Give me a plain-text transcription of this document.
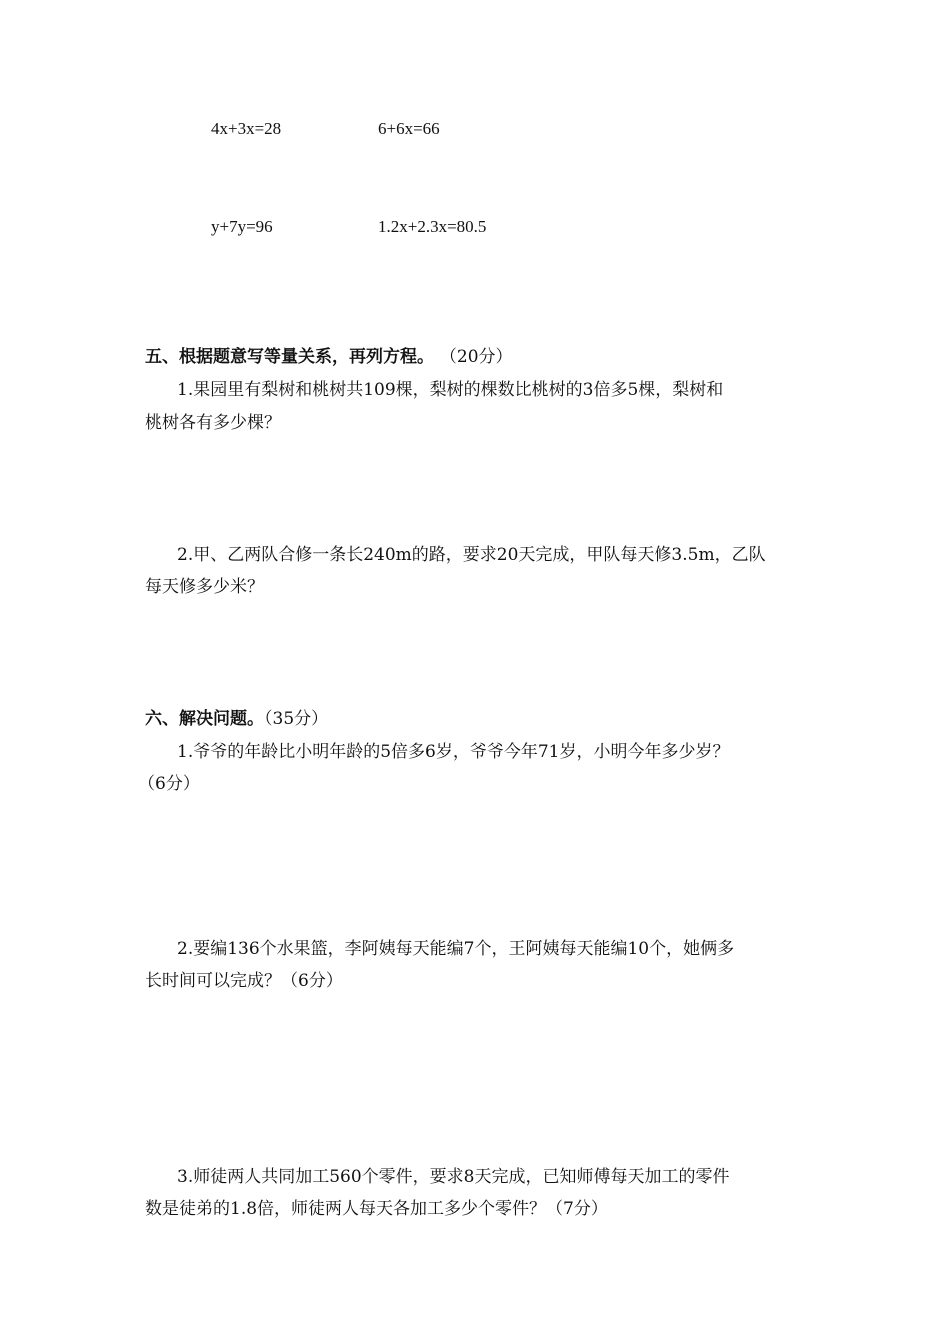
4x+3x=28	6+6x=66
y+7y=96	1.2x+2.3x=80.5
五、根据题意写等量关系，再列方程。 （20分）
1.果园里有梨树和桃树共109棵，梨树的棵数比桃树的3倍多5棵，梨树和
桃树各有多少棵？
2.甲、乙两队合修一条长240m的路，要求20天完成，甲队每天修3.5m，乙队
每天修多少米？
六、解决问题。（35分）
1.爷爷的年龄比小明年龄的5倍多6岁，爷爷今年71岁，小明今年多少岁？
（6分）
2.要编136个水果篮，李阿姨每天能编7个，王阿姨每天能编10个，她俩多
长时间可以完成？（6分）
3.师徒两人共同加工560个零件，要求8天完成，已知师傅每天加工的零件
数是徒弟的1.8倍，师徒两人每天各加工多少个零件？（7分）
